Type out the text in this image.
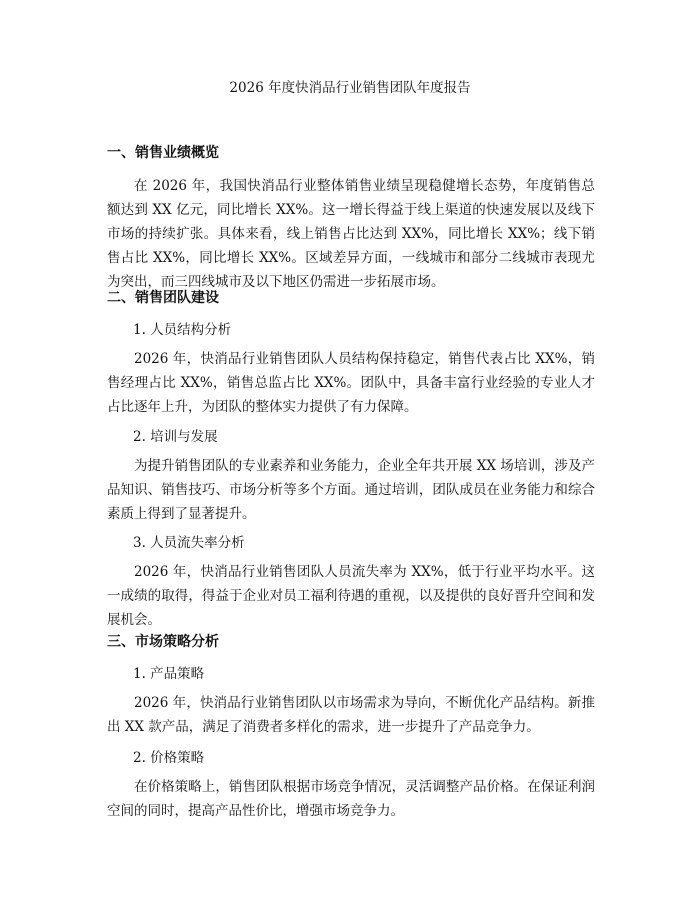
2026 年度快消品行业销售团队年度报告
一、销售业绩概览

在 2026 年，我国快消品行业整体销售业绩呈现稳健增长态势，年度销售总额达到 XX 亿元，同比增长 XX%。这一增长得益于线上渠道的快速发展以及线下市场的持续扩张。具体来看，线上销售占比达到 XX%，同比增长 XX%；线下销售占比 XX%，同比增长 XX%。区域差异方面，一线城市和部分二线城市表现尤为突出，而三四线城市及以下地区仍需进一步拓展市场。

二、销售团队建设
1. 人员结构分析

2026 年，快消品行业销售团队人员结构保持稳定，销售代表占比 XX%，销售经理占比 XX%，销售总监占比 XX%。团队中，具备丰富行业经验的专业人才占比逐年上升，为团队的整体实力提供了有力保障。

2. 培训与发展

为提升销售团队的专业素养和业务能力，企业全年共开展 XX 场培训，涉及产品知识、销售技巧、市场分析等多个方面。通过培训，团队成员在业务能力和综合素质上得到了显著提升。

3. 人员流失率分析

2026 年，快消品行业销售团队人员流失率为 XX%，低于行业平均水平。这一成绩的取得，得益于企业对员工福利待遇的重视，以及提供的良好晋升空间和发展机会。

三、市场策略分析
1. 产品策略

2026 年，快消品行业销售团队以市场需求为导向，不断优化产品结构。新推出 XX 款产品，满足了消费者多样化的需求，进一步提升了产品竞争力。

2. 价格策略

在价格策略上，销售团队根据市场竞争情况，灵活调整产品价格。在保证利润空间的同时，提高产品性价比，增强市场竞争力。
